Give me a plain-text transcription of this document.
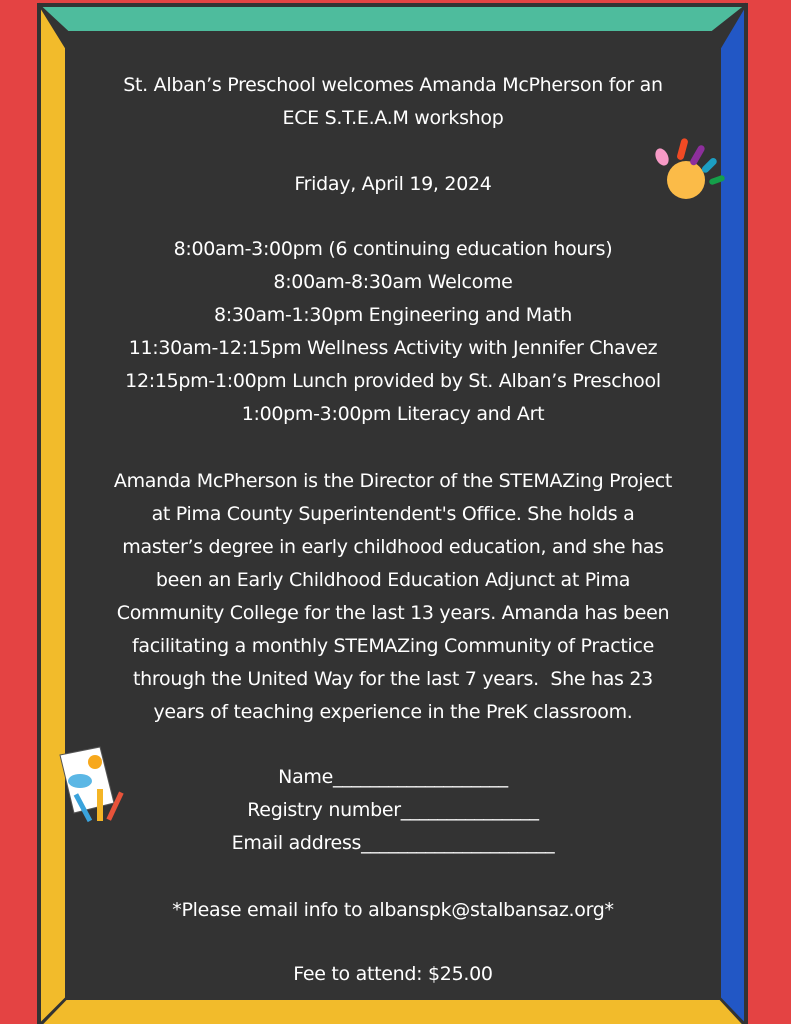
St. Alban’s Preschool welcomes Amanda McPherson for an
ECE S.T.E.A.M workshop
Friday, April 19, 2024
8:00am-3:00pm (6 continuing education hours)
8:00am-8:30am Welcome
8:30am-1:30pm Engineering and Math
11:30am-12:15pm Wellness Activity with Jennifer Chavez
12:15pm-1:00pm Lunch provided by St. Alban’s Preschool
1:00pm-3:00pm Literacy and Art
Amanda McPherson is the Director of the STEMAZing Project
at Pima County Superintendent's Office. She holds a
master’s degree in early childhood education, and she has
been an Early Childhood Education Adjunct at Pima
Community College for the last 13 years. Amanda has been
facilitating a monthly STEMAZing Community of Practice
through the United Way for the last 7 years.  She has 23
years of teaching experience in the PreK classroom.
Name___________________
Registry number_______________
Email address_____________________
*Please email info to albanspk@stalbansaz.org*
Fee to attend: $25.00
